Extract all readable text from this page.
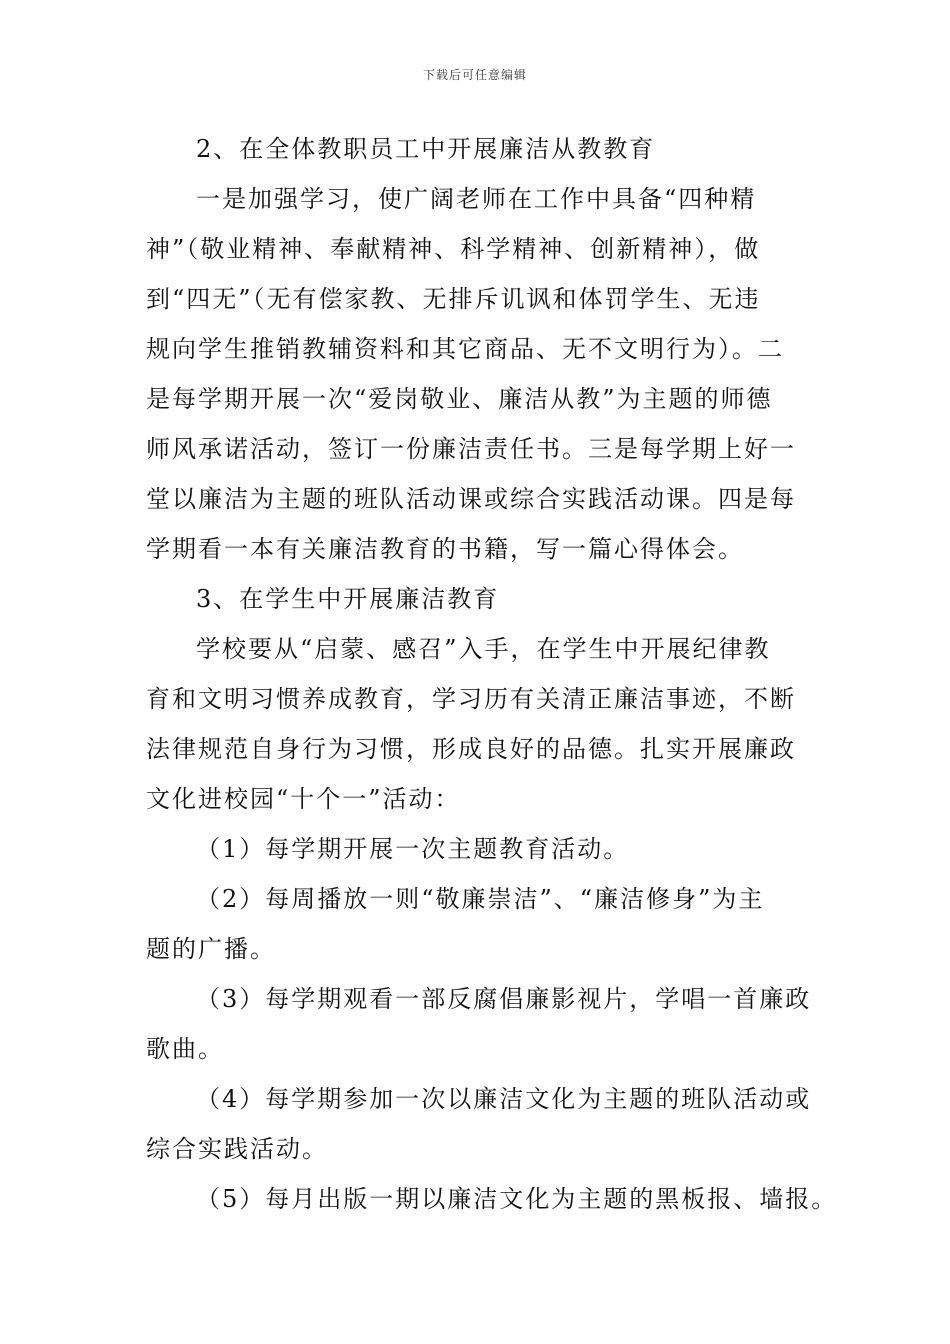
下载后可任意编辑
2、在全体教职员工中开展廉洁从教教育
一是加强学习，使广阔老师在工作中具备“四种精
神”（敬业精神、奉献精神、科学精神、创新精神），做
到“四无”（无有偿家教、无排斥讥讽和体罚学生、无违
规向学生推销教辅资料和其它商品、无不文明行为）。二
是每学期开展一次“爱岗敬业、廉洁从教”为主题的师德
师风承诺活动，签订一份廉洁责任书。三是每学期上好一
堂以廉洁为主题的班队活动课或综合实践活动课。四是每
学期看一本有关廉洁教育的书籍，写一篇心得体会。
3、在学生中开展廉洁教育
学校要从“启蒙、感召”入手，在学生中开展纪律教
育和文明习惯养成教育，学习历有关清正廉洁事迹，不断
法律规范自身行为习惯，形成良好的品德。扎实开展廉政
文化进校园“十个一”活动：
（1）每学期开展一次主题教育活动。
（2）每周播放一则“敬廉崇洁”、“廉洁修身”为主
题的广播。
（3）每学期观看一部反腐倡廉影视片，学唱一首廉政
歌曲。
（4）每学期参加一次以廉洁文化为主题的班队活动或
综合实践活动。
（5）每月出版一期以廉洁文化为主题的黑板报、墙报。
